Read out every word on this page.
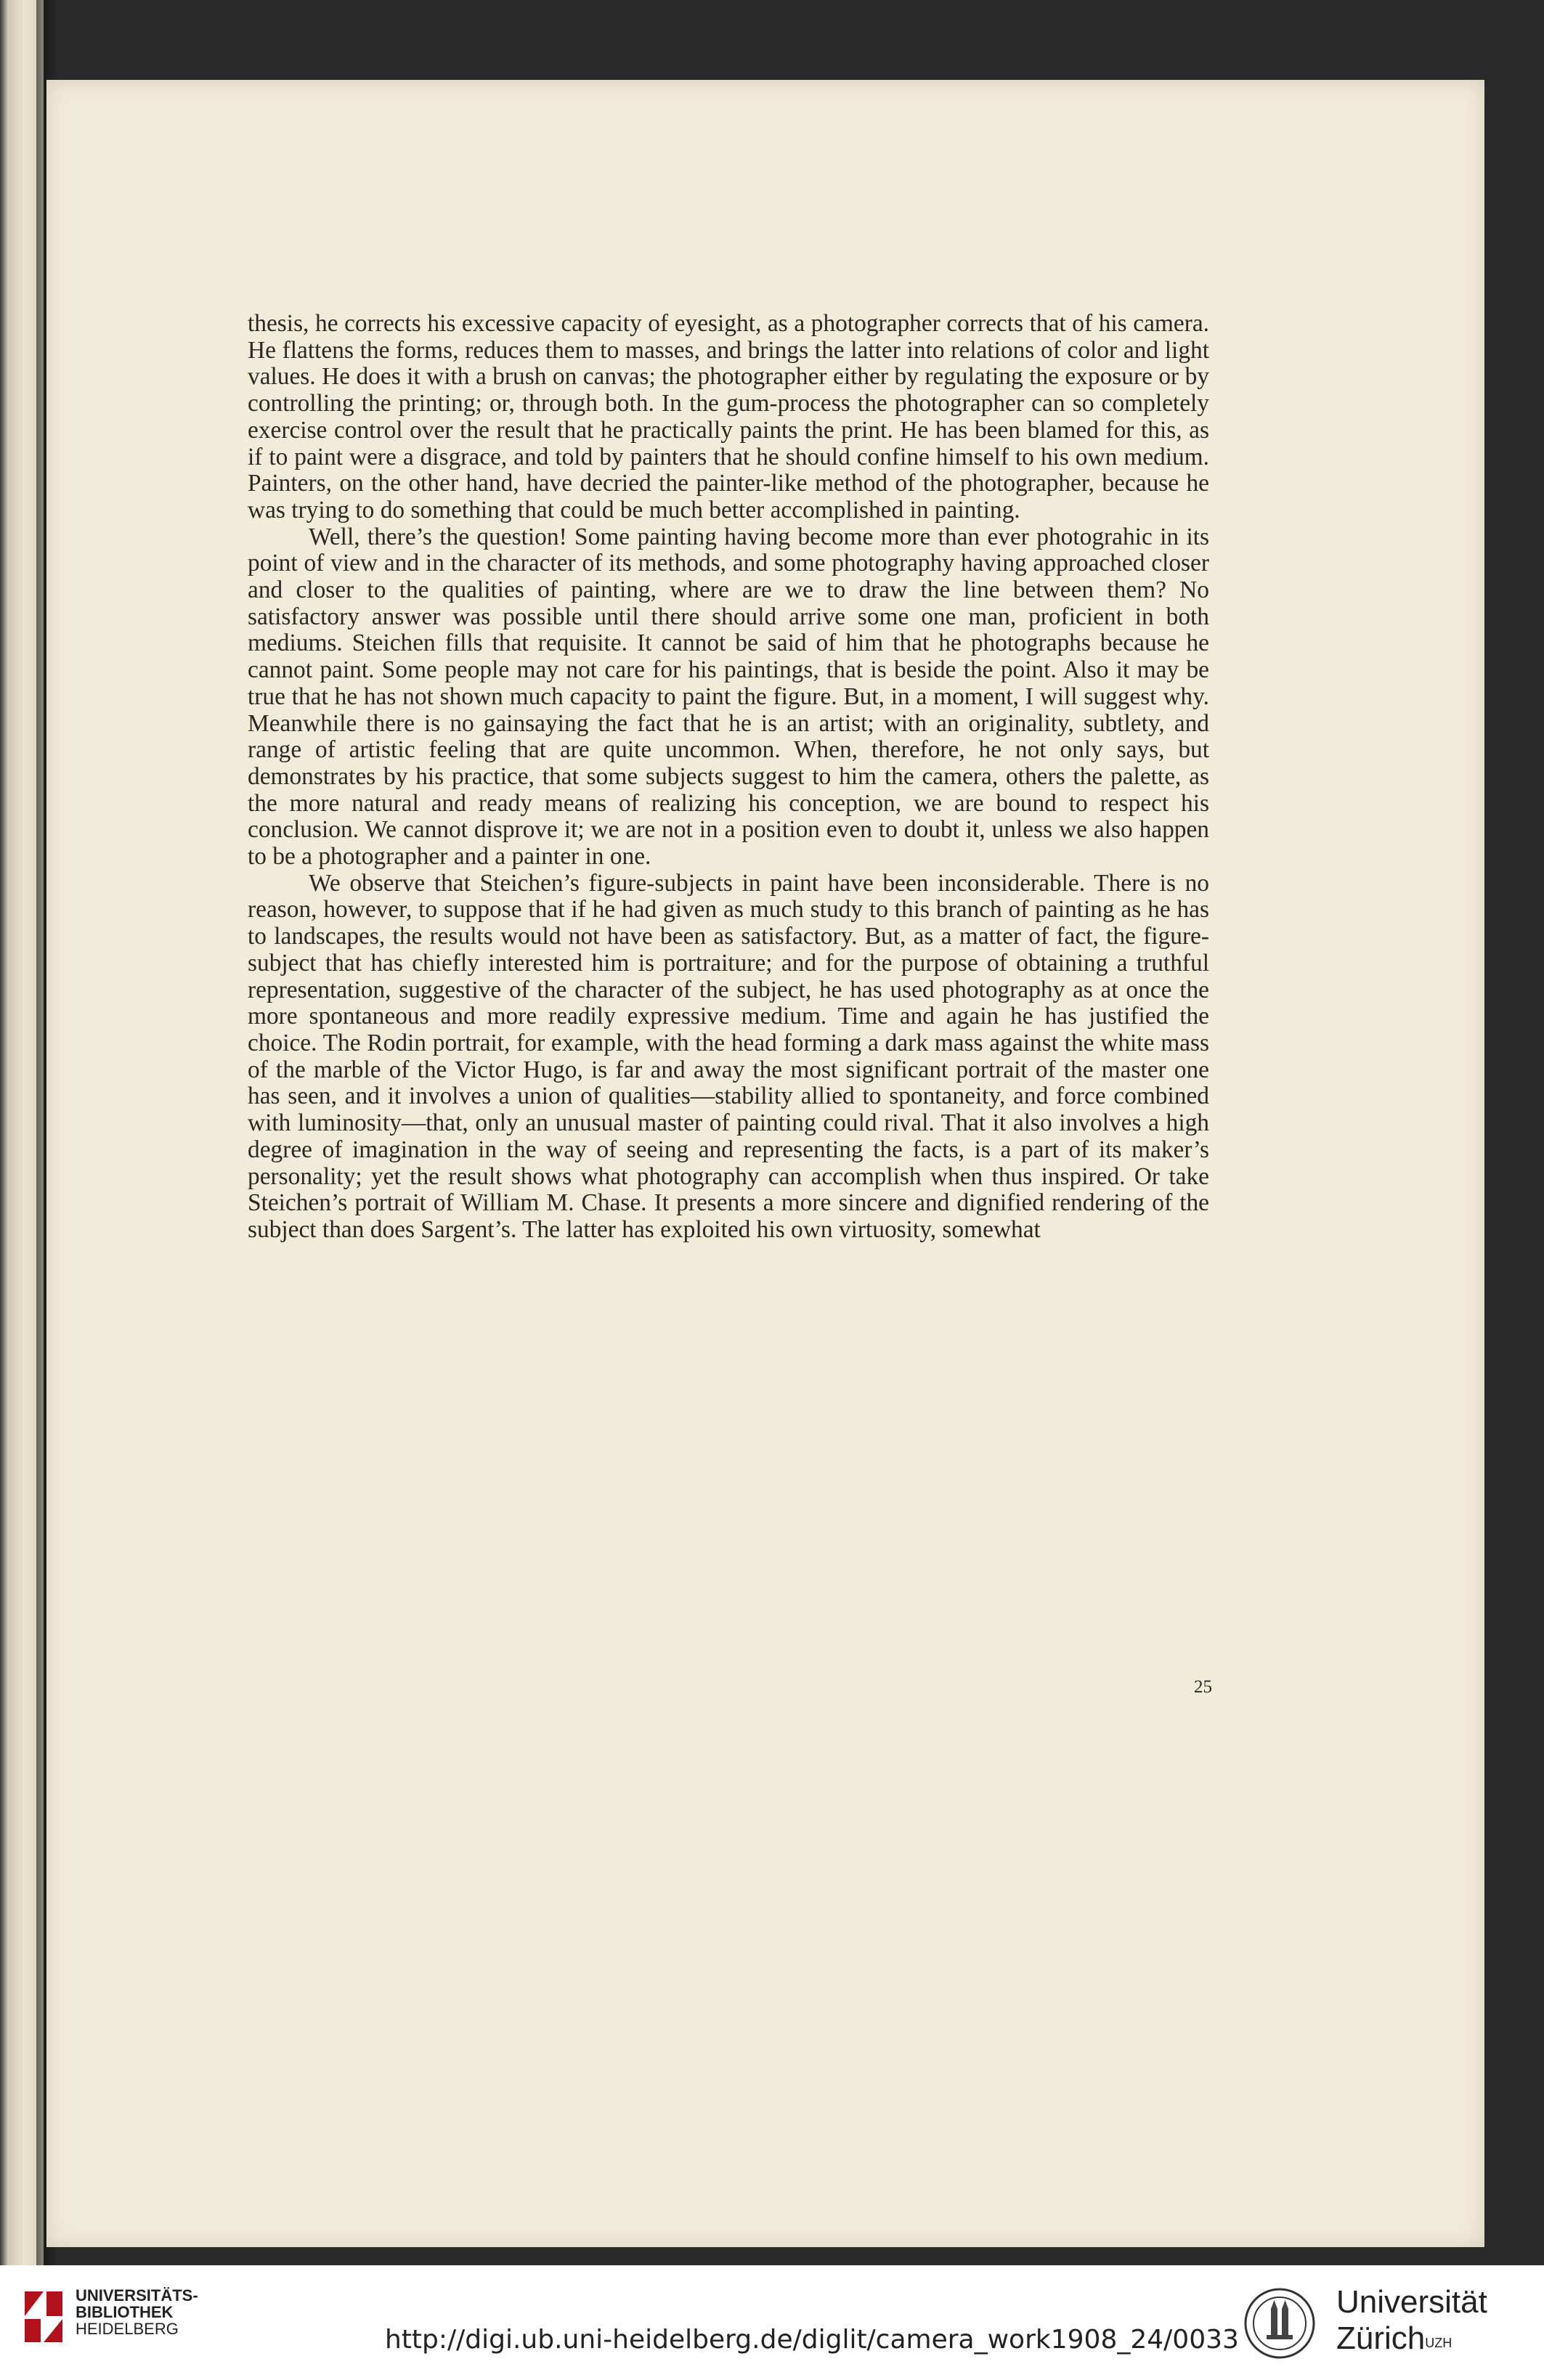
thesis, he corrects his excessive capacity of eyesight, as a photographer corrects that of his camera. He flattens the forms, reduces them to masses, and brings the latter into relations of color and light values. He does it with a brush on canvas; the photographer either by regulating the exposure or by controlling the printing; or, through both. In the gum-process the photographer can so completely exercise control over the result that he practically paints the print. He has been blamed for this, as if to paint were a disgrace, and told by painters that he should confine himself to his own medium. Painters, on the other hand, have decried the painter-like method of the photographer, because he was trying to do something that could be much better accomplished in painting.

Well, there’s the question! Some painting having become more than ever photograhic in its point of view and in the character of its methods, and some photography having approached closer and closer to the qualities of painting, where are we to draw the line between them? No satisfactory answer was possible until there should arrive some one man, proficient in both mediums. Steichen fills that requisite. It cannot be said of him that he photographs because he cannot paint. Some people may not care for his paintings, that is beside the point. Also it may be true that he has not shown much capacity to paint the figure. But, in a moment, I will suggest why. Meanwhile there is no gainsaying the fact that he is an artist; with an originality, subtlety, and range of artistic feeling that are quite uncommon. When, therefore, he not only says, but demonstrates by his practice, that some subjects suggest to him the camera, others the palette, as the more natural and ready means of realizing his conception, we are bound to respect his conclusion. We cannot disprove it; we are not in a position even to doubt it, unless we also happen to be a photographer and a painter in one.

We observe that Steichen’s figure-subjects in paint have been inconsiderable. There is no reason, however, to suppose that if he had given as much study to this branch of painting as he has to landscapes, the results would not have been as satisfactory. But, as a matter of fact, the figure-subject that has chiefly interested him is portraiture; and for the purpose of obtaining a truthful representation, suggestive of the character of the subject, he has used photography as at once the more spontaneous and more readily expressive medium. Time and again he has justified the choice. The Rodin portrait, for example, with the head forming a dark mass against the white mass of the marble of the Victor Hugo, is far and away the most significant portrait of the master one has seen, and it involves a union of qualities—stability allied to spontaneity, and force combined with luminosity—that, only an unusual master of painting could rival. That it also involves a high degree of imagination in the way of seeing and representing the facts, is a part of its maker’s personality; yet the result shows what photography can accomplish when thus inspired. Or take Steichen’s portrait of William M. Chase. It presents a more sincere and dignified rendering of the subject than does Sargent’s. The latter has exploited his own virtuosity, somewhat

25
UNIVERSITÄTS-
BIBLIOTHEK
HEIDELBERG	http://digi.ub.uni-heidelberg.de/diglit/camera_work1908_24/0033
Universität
Zürich$^{UZH}$
